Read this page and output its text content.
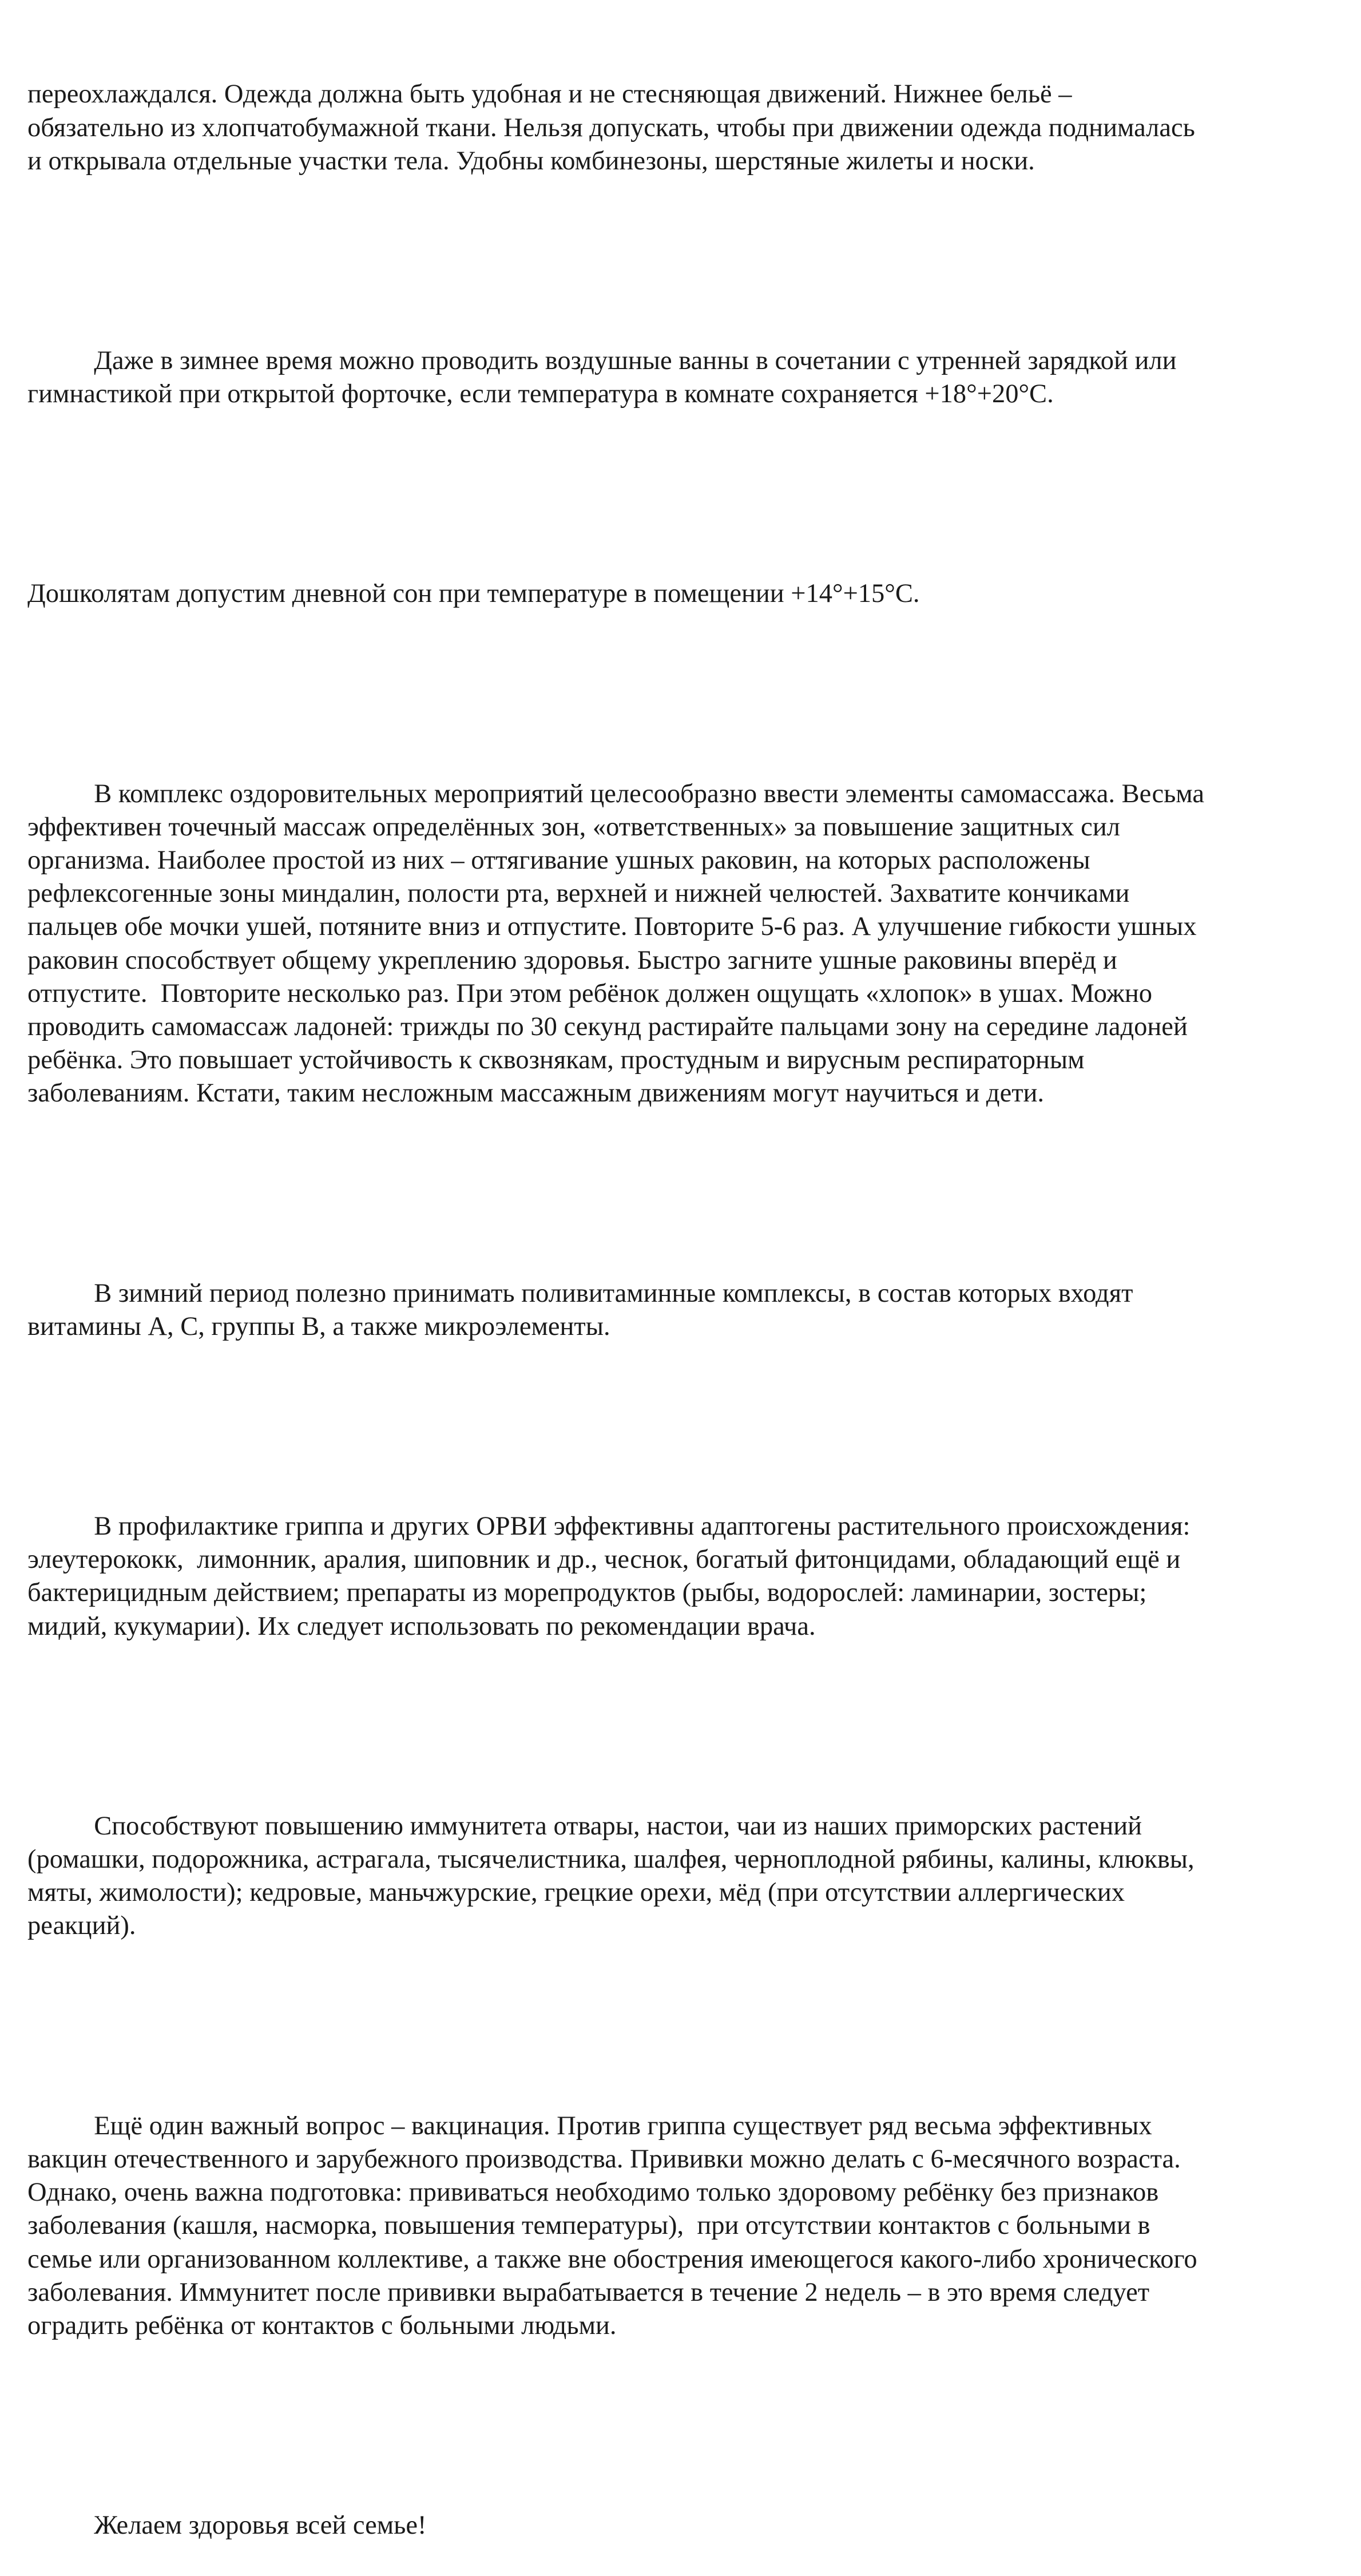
переохлаждался. Одежда должна быть удобная и не стесняющая движений. Нижнее бельё –
обязательно из хлопчатобумажной ткани. Нельзя допускать, чтобы при движении одежда поднималась
и открывала отдельные участки тела. Удобны комбинезоны, шерстяные жилеты и носки.

Даже в зимнее время можно проводить воздушные ванны в сочетании с утренней зарядкой или
гимнастикой при открытой форточке, если температура в комнате сохраняется +18°+20°С.

Дошколятам допустим дневной сон при температуре в помещении +14°+15°С.

В комплекс оздоровительных мероприятий целесообразно ввести элементы самомассажа. Весьма
эффективен точечный массаж определённых зон, «ответственных» за повышение защитных сил
организма. Наиболее простой из них – оттягивание ушных раковин, на которых расположены
рефлексогенные зоны миндалин, полости рта, верхней и нижней челюстей. Захватите кончиками
пальцев обе мочки ушей, потяните вниз и отпустите. Повторите 5-6 раз. А улучшение гибкости ушных
раковин способствует общему укреплению здоровья. Быстро загните ушные раковины вперёд и
отпустите.  Повторите несколько раз. При этом ребёнок должен ощущать «хлопок» в ушах. Можно
проводить самомассаж ладоней: трижды по 30 секунд растирайте пальцами зону на середине ладоней
ребёнка. Это повышает устойчивость к сквознякам, простудным и вирусным респираторным
заболеваниям. Кстати, таким несложным массажным движениям могут научиться и дети.

В зимний период полезно принимать поливитаминные комплексы, в состав которых входят
витамины А, С, группы В, а также микроэлементы.

В профилактике гриппа и других ОРВИ эффективны адаптогены растительного происхождения:
элеутерококк,  лимонник, аралия, шиповник и др., чеснок, богатый фитонцидами, обладающий ещё и
бактерицидным действием; препараты из морепродуктов (рыбы, водорослей: ламинарии, зостеры;
мидий, кукумарии). Их следует использовать по рекомендации врача.

Способствуют повышению иммунитета отвары, настои, чаи из наших приморских растений
(ромашки, подорожника, астрагала, тысячелистника, шалфея, черноплодной рябины, калины, клюквы,
мяты, жимолости); кедровые, маньчжурские, грецкие орехи, мёд (при отсутствии аллергических
реакций).

Ещё один важный вопрос – вакцинация. Против гриппа существует ряд весьма эффективных
вакцин отечественного и зарубежного производства. Прививки можно делать с 6-месячного возраста.
Однако, очень важна подготовка: прививаться необходимо только здоровому ребёнку без признаков
заболевания (кашля, насморка, повышения температуры),  при отсутствии контактов с больными в
семье или организованном коллективе, а также вне обострения имеющегося какого-либо хронического
заболевания. Иммунитет после прививки вырабатывается в течение 2 недель – в это время следует
оградить ребёнка от контактов с больными людьми.

Желаем здоровья всей семье!
